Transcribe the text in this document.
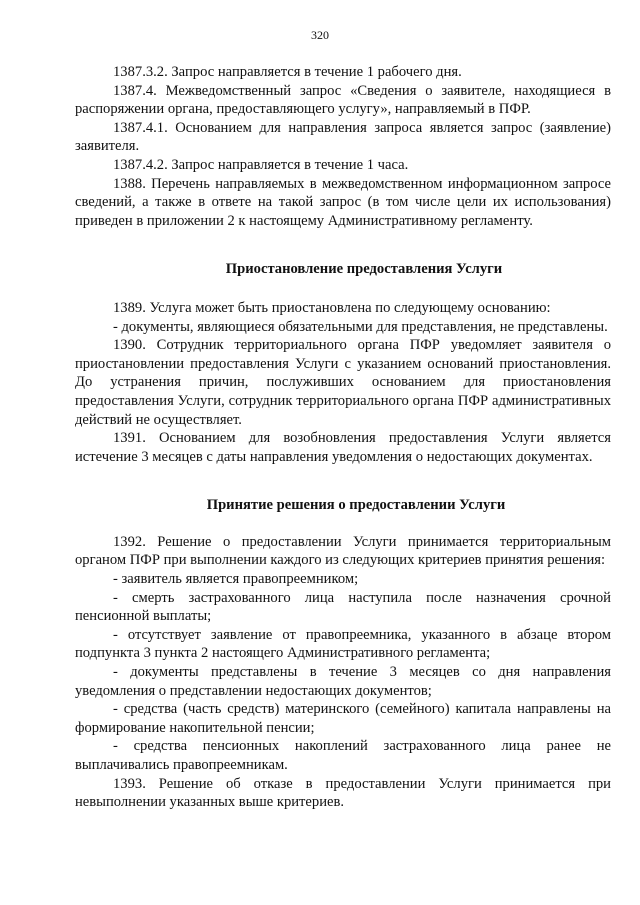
320

1387.3.2. Запрос направляется в течение 1 рабочего дня.

1387.4. Межведомственный запрос «Сведения о заявителе, находящиеся в распоряжении органа, предоставляющего услугу», направляемый в ПФР.

1387.4.1. Основанием для направления запроса является запрос (заявление) заявителя.

1387.4.2. Запрос направляется в течение 1 часа.

1388. Перечень направляемых в межведомственном информационном запросе сведений, а также в ответе на такой запрос (в том числе цели их использования) приведен в приложении 2 к настоящему Административному регламенту.

Приостановление предоставления Услуги

1389. Услуга может быть приостановлена по следующему основанию:

- документы, являющиеся обязательными для представления, не представлены.

1390. Сотрудник территориального органа ПФР уведомляет заявителя о приостановлении предоставления Услуги с указанием оснований приостановления. До устранения причин, послуживших основанием для приостановления предоставления Услуги, сотрудник территориального органа ПФР административных действий не осуществляет.

1391. Основанием для возобновления предоставления Услуги является истечение 3 месяцев с даты направления уведомления о недостающих документах.

Принятие решения о предоставлении Услуги

1392. Решение о предоставлении Услуги принимается территориальным органом ПФР при выполнении каждого из следующих критериев принятия решения:

- заявитель является правопреемником;

- смерть застрахованного лица наступила после назначения срочной пенсионной выплаты;

- отсутствует заявление от правопреемника, указанного в абзаце втором подпункта 3 пункта 2 настоящего Административного регламента;

- документы представлены в течение 3 месяцев со дня направления уведомления о представлении недостающих документов;

- средства (часть средств) материнского (семейного) капитала направлены на формирование накопительной пенсии;

- средства пенсионных накоплений застрахованного лица ранее не выплачивались правопреемникам.

1393. Решение об отказе в предоставлении Услуги принимается при невыполнении указанных выше критериев.
